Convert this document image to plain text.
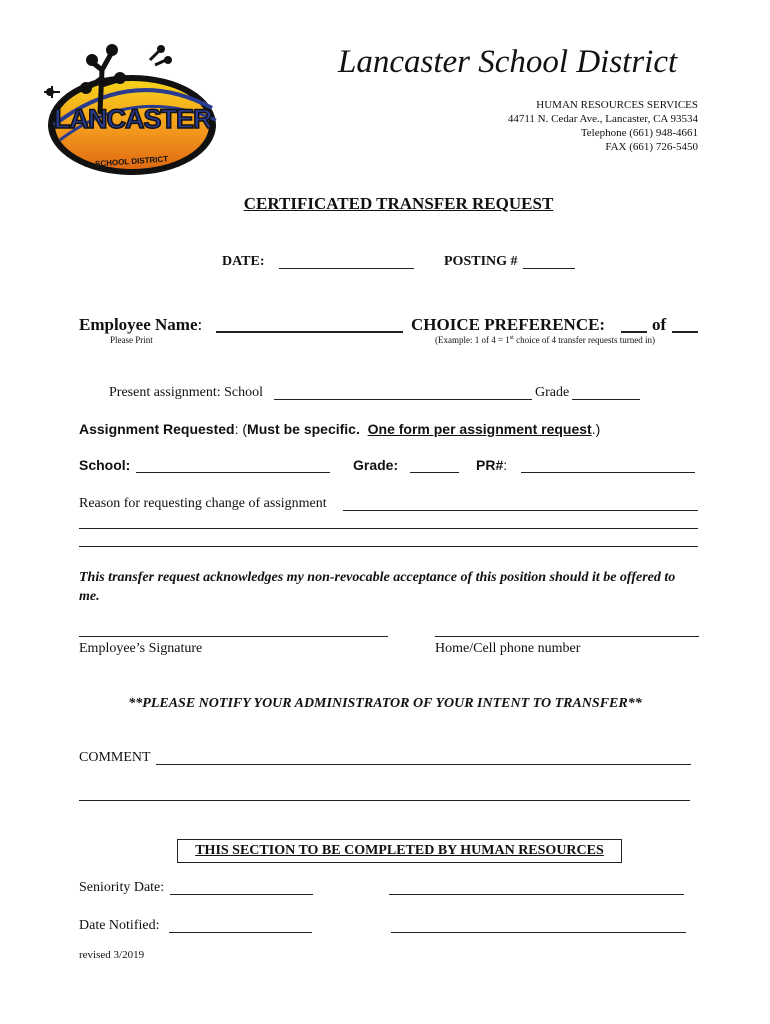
LANCASTER
SCHOOL DISTRICT
Lancaster School District
HUMAN RESOURCES SERVICES
44711 N. Cedar Ave., Lancaster, CA 93534
Telephone (661) 948-4661
FAX (661) 726-5450
CERTIFICATED TRANSFER REQUEST
DATE:	POSTING #
Employee Name:
Please Print
CHOICE PREFERENCE:	of
(Example: 1 of 4 = 1st choice of 4 transfer requests turned in)
Present assignment: School	Grade
Assignment Requested: (Must be specific. One form per assignment request.)
School:	Grade:	PR#:
Reason for requesting change of assignment
This transfer request acknowledges my non-revocable acceptance of this position should it be offered to me.
Employee’s Signature	Home/Cell phone number
**PLEASE NOTIFY YOUR ADMINISTRATOR OF YOUR INTENT TO TRANSFER**
COMMENT
THIS SECTION TO BE COMPLETED BY HUMAN RESOURCES
Seniority Date:
Date Notified:
revised 3/2019
